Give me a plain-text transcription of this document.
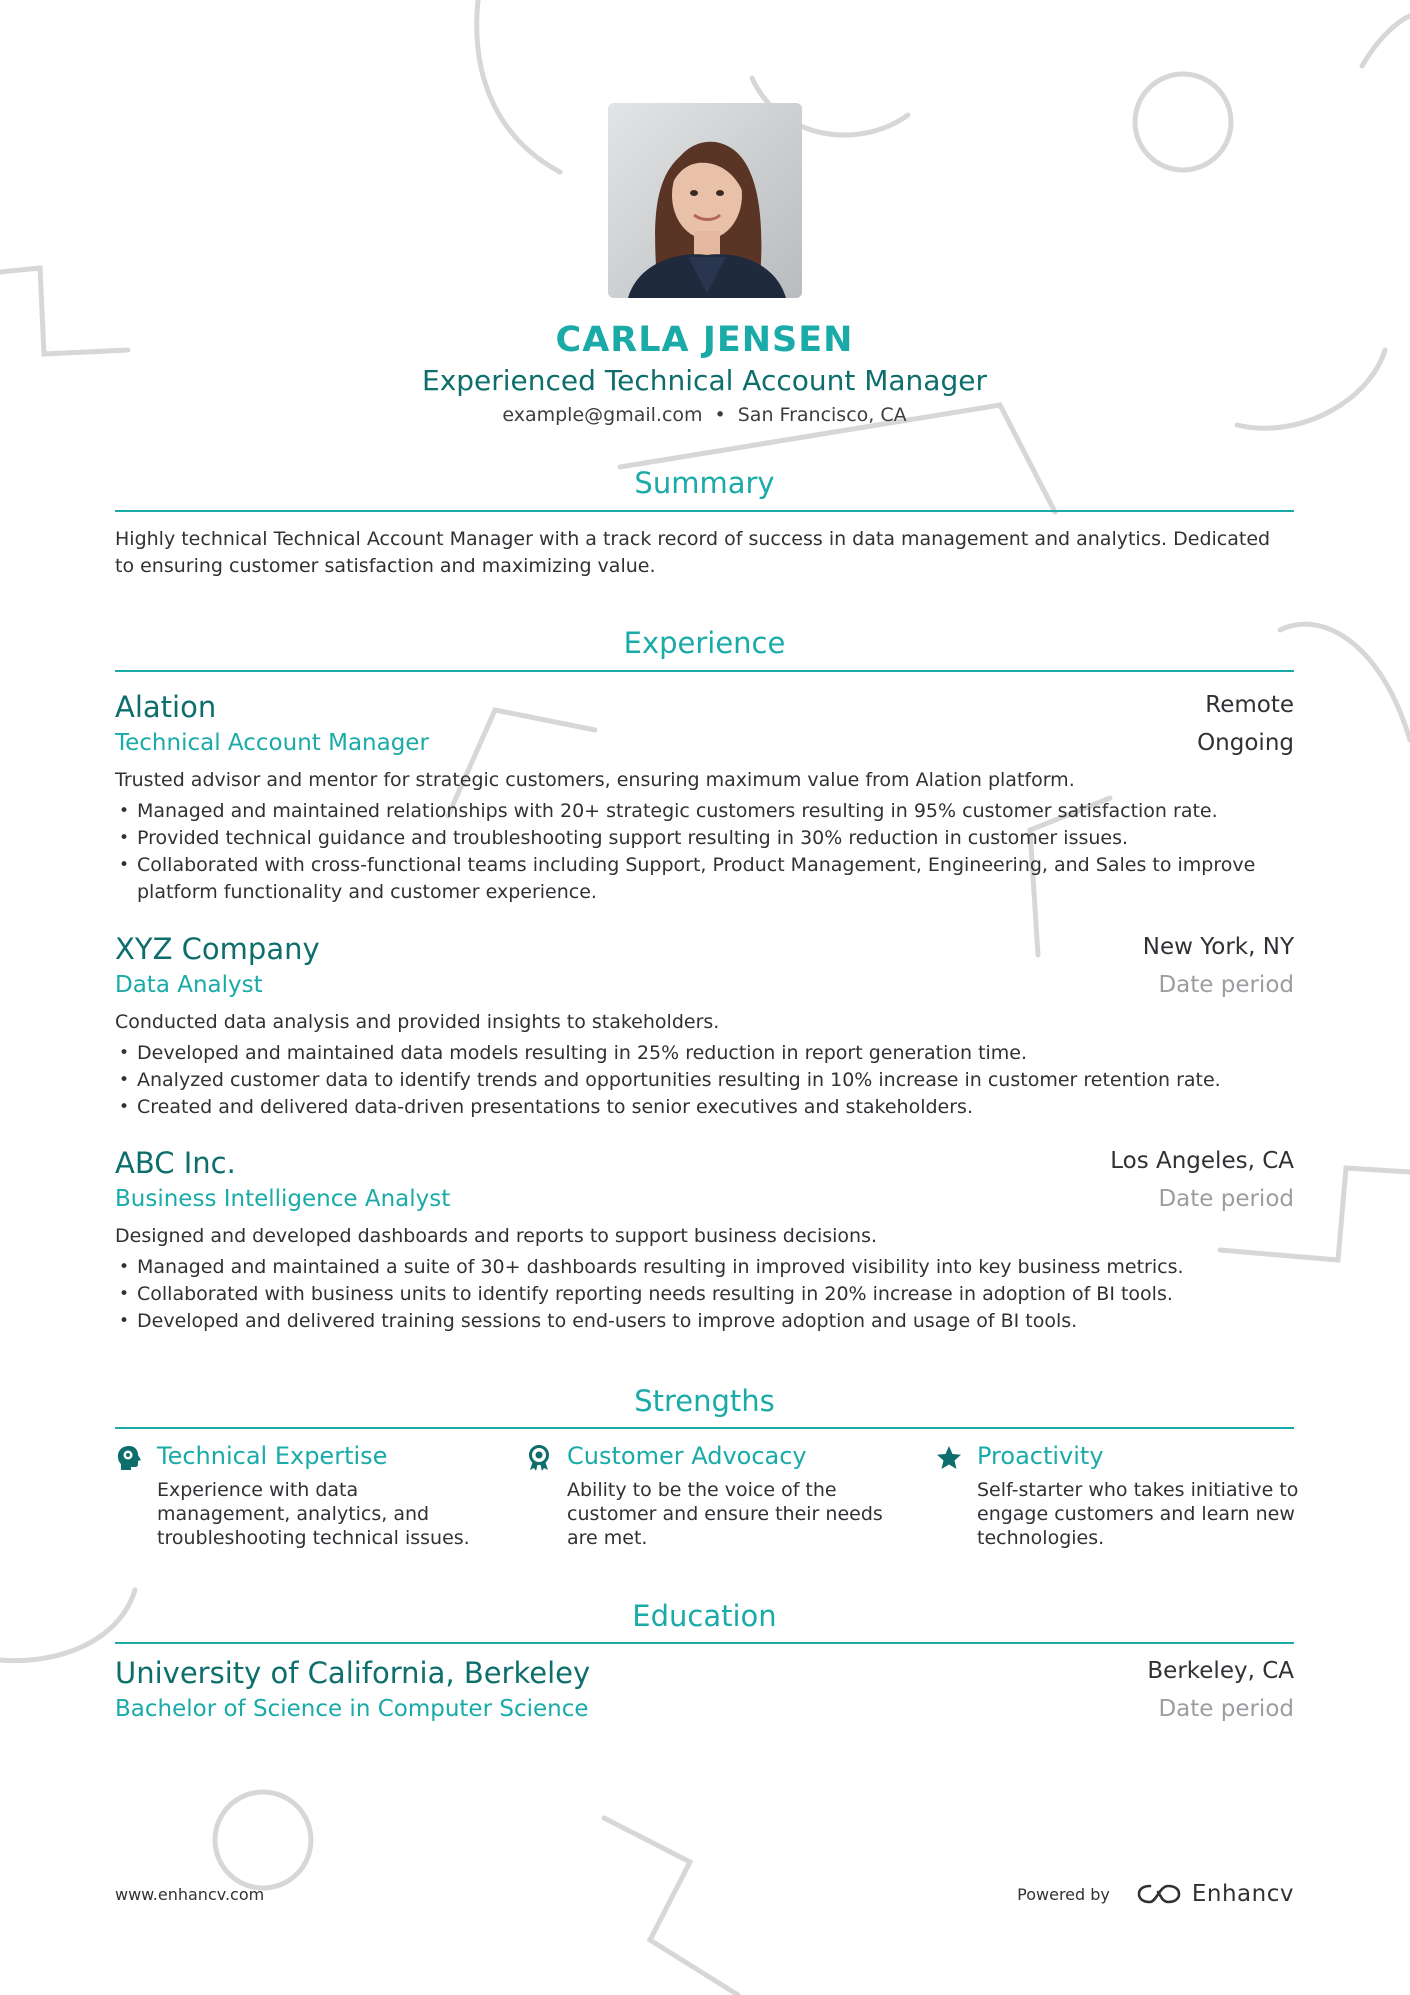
CARLA JENSEN
Experienced Technical Account Manager
example@gmail.com • San Francisco, CA
Summary
Highly technical Technical Account Manager with a track record of success in data management and analytics. Dedicated to ensuring customer satisfaction and maximizing value.
Experience
Alation	Remote
Technical Account Manager	Ongoing
Trusted advisor and mentor for strategic customers, ensuring maximum value from Alation platform.
• Managed and maintained relationships with 20+ strategic customers resulting in 95% customer satisfaction rate.
• Provided technical guidance and troubleshooting support resulting in 30% reduction in customer issues.
• Collaborated with cross-functional teams including Support, Product Management, Engineering, and Sales to improve platform functionality and customer experience.
XYZ Company	New York, NY
Data Analyst	Date period
Conducted data analysis and provided insights to stakeholders.
• Developed and maintained data models resulting in 25% reduction in report generation time.
• Analyzed customer data to identify trends and opportunities resulting in 10% increase in customer retention rate.
• Created and delivered data-driven presentations to senior executives and stakeholders.
ABC Inc.	Los Angeles, CA
Business Intelligence Analyst	Date period
Designed and developed dashboards and reports to support business decisions.
• Managed and maintained a suite of 30+ dashboards resulting in improved visibility into key business metrics.
• Collaborated with business units to identify reporting needs resulting in 20% increase in adoption of BI tools.
• Developed and delivered training sessions to end-users to improve adoption and usage of BI tools.
Strengths
Technical Expertise
Experience with data management, analytics, and troubleshooting technical issues.
Customer Advocacy
Ability to be the voice of the customer and ensure their needs are met.
Proactivity
Self-starter who takes initiative to engage customers and learn new technologies.
Education
University of California, Berkeley	Berkeley, CA
Bachelor of Science in Computer Science	Date period
www.enhancv.com	Powered by	Enhancv
